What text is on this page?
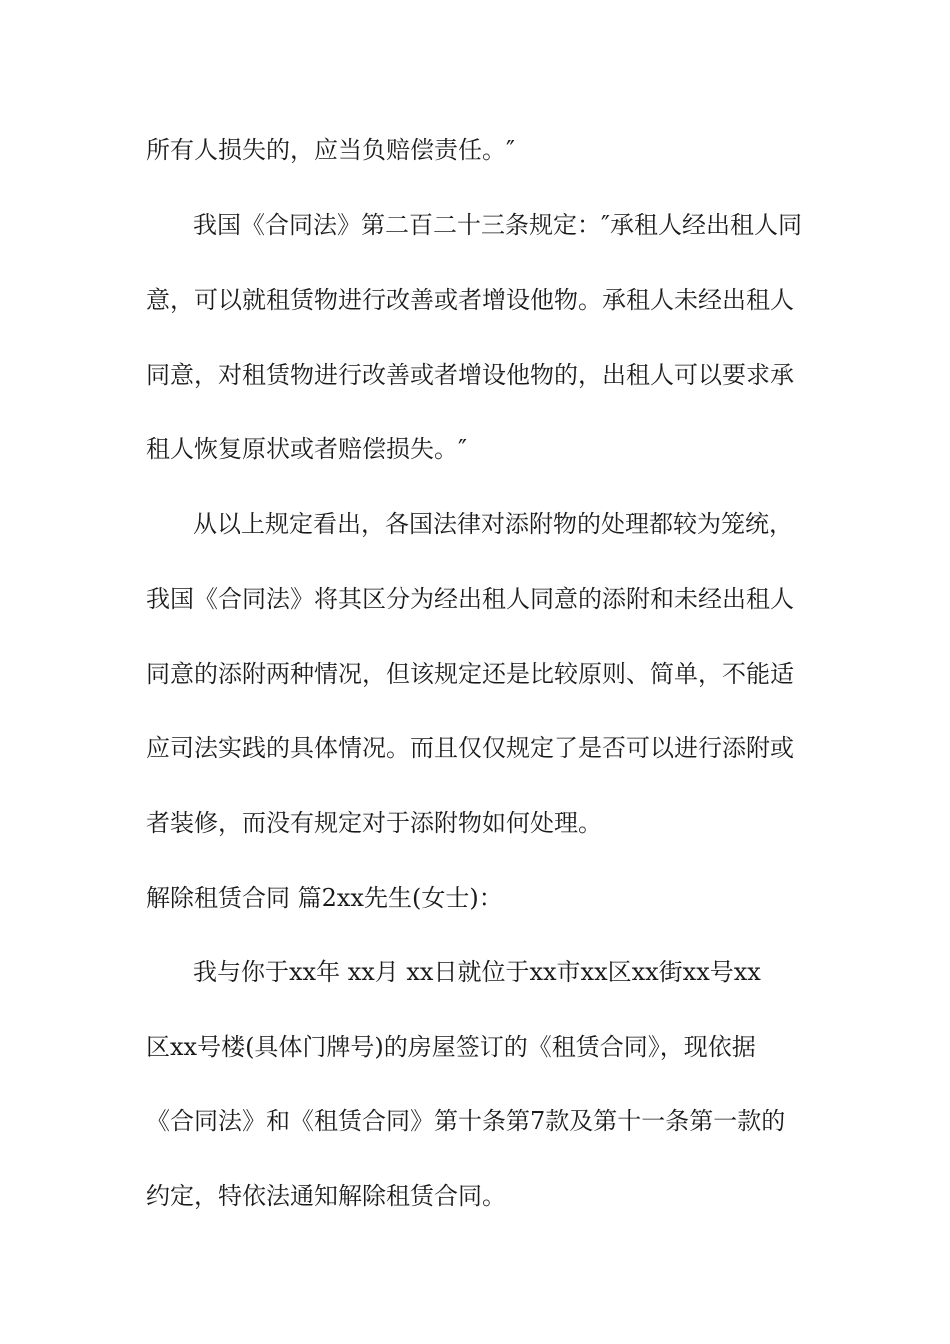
所有人损失的，应当负赔偿责任。″

我国《合同法》第二百二十三条规定：″承租人经出租人同

意，可以就租赁物进行改善或者增设他物。承租人未经出租人

同意，对租赁物进行改善或者增设他物的，出租人可以要求承

租人恢复原状或者赔偿损失。″

从以上规定看出，各国法律对添附物的处理都较为笼统，

我国《合同法》将其区分为经出租人同意的添附和未经出租人

同意的添附两种情况，但该规定还是比较原则、简单，不能适

应司法实践的具体情况。而且仅仅规定了是否可以进行添附或

者装修，而没有规定对于添附物如何处理。

解除租赁合同 篇2xx先生(女士)：

我与你于xx年 xx月 xx日就位于xx市xx区xx街xx号xx

区xx号楼(具体门牌号)的房屋签订的《租赁合同》，现依据

《合同法》和《租赁合同》第十条第7款及第十一条第一款的

约定，特依法通知解除租赁合同。
